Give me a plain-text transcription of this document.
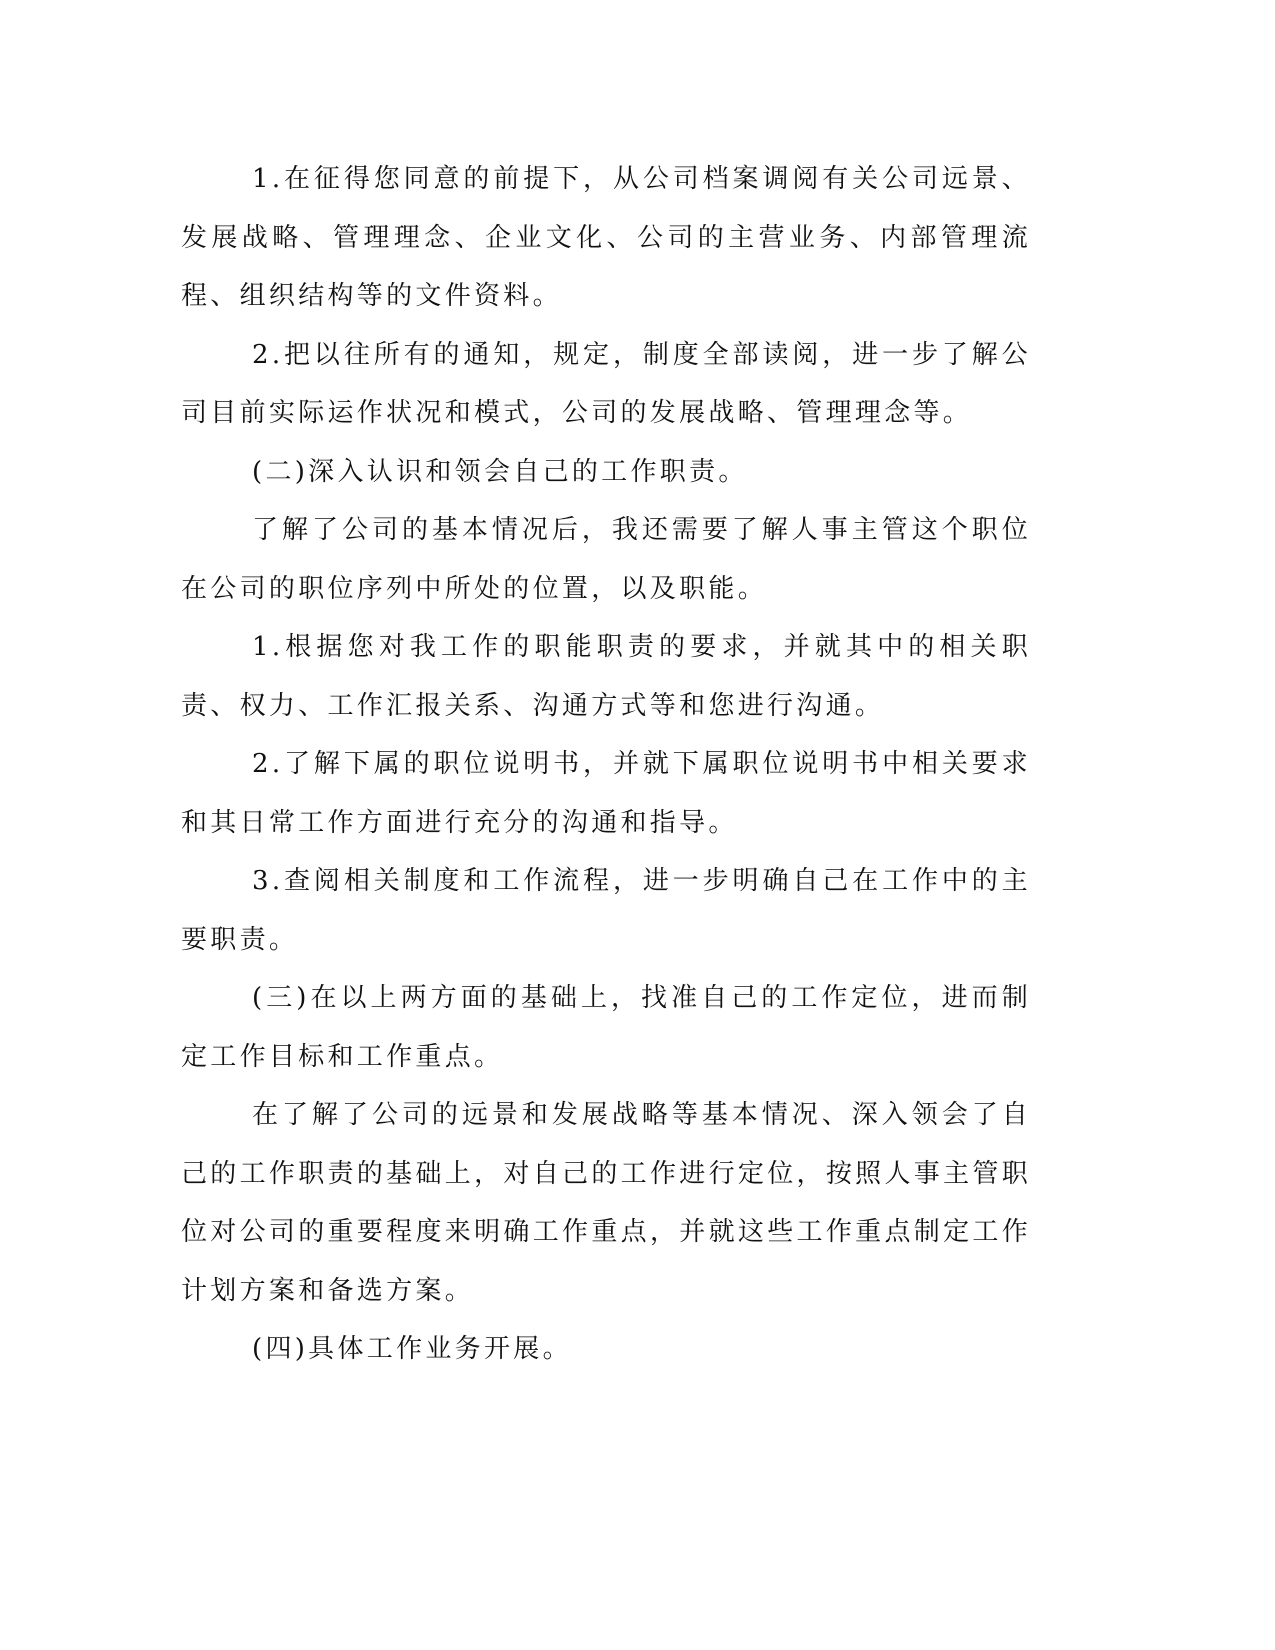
1.在征得您同意的前提下，从公司档案调阅有关公司远景、发展战略、管理理念、企业文化、公司的主营业务、内部管理流程、组织结构等的文件资料。

2.把以往所有的通知，规定，制度全部读阅，进一步了解公司目前实际运作状况和模式，公司的发展战略、管理理念等。

(二)深入认识和领会自己的工作职责。

了解了公司的基本情况后，我还需要了解人事主管这个职位在公司的职位序列中所处的位置，以及职能。

1.根据您对我工作的职能职责的要求，并就其中的相关职责、权力、工作汇报关系、沟通方式等和您进行沟通。

2.了解下属的职位说明书，并就下属职位说明书中相关要求和其日常工作方面进行充分的沟通和指导。

3.查阅相关制度和工作流程，进一步明确自己在工作中的主要职责。

(三)在以上两方面的基础上，找准自己的工作定位，进而制定工作目标和工作重点。

在了解了公司的远景和发展战略等基本情况、深入领会了自己的工作职责的基础上，对自己的工作进行定位，按照人事主管职位对公司的重要程度来明确工作重点，并就这些工作重点制定工作计划方案和备选方案。

(四)具体工作业务开展。
